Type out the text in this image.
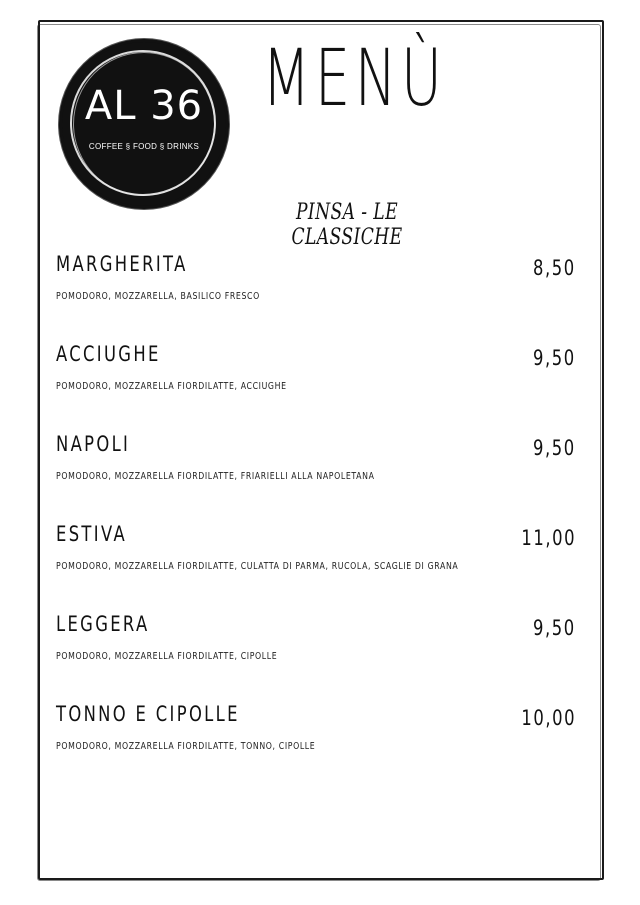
AL 36
COFFEE § FOOD § DRINKS
MENÙ
PINSA - LE CLASSICHE
MARGHERITA	8,50
POMODORO, MOZZARELLA, BASILICO FRESCO
ACCIUGHE	9,50
POMODORO, MOZZARELLA FIORDILATTE, ACCIUGHE
NAPOLI	9,50
POMODORO, MOZZARELLA FIORDILATTE, FRIARIELLI ALLA NAPOLETANA
ESTIVA	11,00
POMODORO, MOZZARELLA FIORDILATTE, CULATTA DI PARMA, RUCOLA, SCAGLIE DI GRANA
LEGGERA	9,50
POMODORO, MOZZARELLA FIORDILATTE, CIPOLLE
TONNO E CIPOLLE	10,00
POMODORO, MOZZARELLA FIORDILATTE, TONNO, CIPOLLE
